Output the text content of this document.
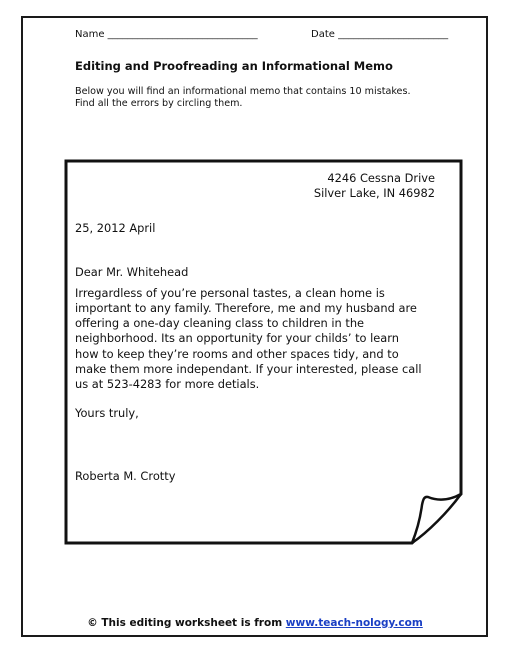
Name ______________________________	Date ______________________
Editing and Proofreading an Informational Memo
Below you will find an informational memo that contains 10 mistakes.
Find all the errors by circling them.
4246 Cessna Drive
Silver Lake, IN 46982
25, 2012 April
Dear Mr. Whitehead
Irregardless of you’re personal tastes, a clean home is
important to any family. Therefore, me and my husband are
offering a one-day cleaning class to children in the
neighborhood. Its an opportunity for your childs’ to learn
how to keep they’re rooms and other spaces tidy, and to
make them more independant. If your interested, please call
us at 523-4283 for more detials.
Yours truly,
Roberta M. Crotty
© This editing worksheet is from www.teach-nology.com
